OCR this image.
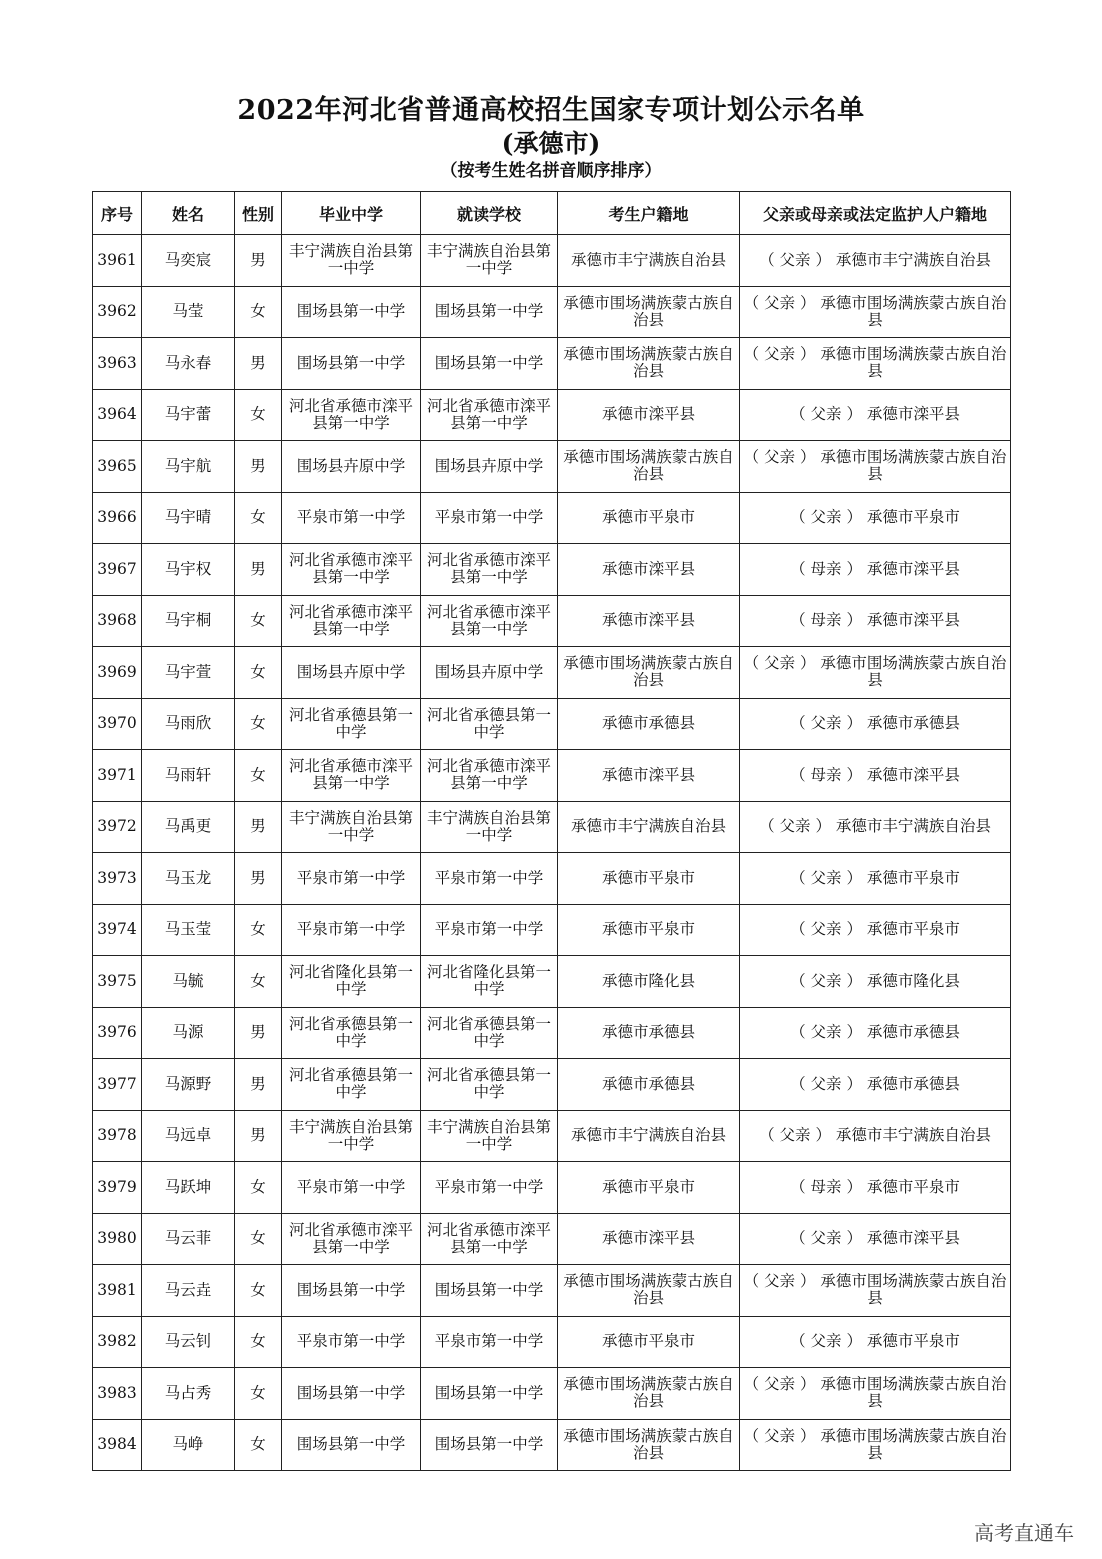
2022年河北省普通高校招生国家专项计划公示名单
(承德市)
（按考生姓名拼音顺序排序）
序号	姓名	性别	毕业中学	就读学校	考生户籍地	父亲或母亲或法定监护人户籍地
3961	马奕宸	男	丰宁满族自治县第一中学	丰宁满族自治县第一中学	承德市丰宁满族自治县	（ 父亲 ） 承德市丰宁满族自治县
3962	马莹	女	围场县第一中学	围场县第一中学	承德市围场满族蒙古族自治县	（ 父亲 ） 承德市围场满族蒙古族自治县
3963	马永春	男	围场县第一中学	围场县第一中学	承德市围场满族蒙古族自治县	（ 父亲 ） 承德市围场满族蒙古族自治县
3964	马宇蕾	女	河北省承德市滦平县第一中学	河北省承德市滦平县第一中学	承德市滦平县	（ 父亲 ） 承德市滦平县
3965	马宇航	男	围场县卉原中学	围场县卉原中学	承德市围场满族蒙古族自治县	（ 父亲 ） 承德市围场满族蒙古族自治县
3966	马宇晴	女	平泉市第一中学	平泉市第一中学	承德市平泉市	（ 父亲 ） 承德市平泉市
3967	马宇权	男	河北省承德市滦平县第一中学	河北省承德市滦平县第一中学	承德市滦平县	（ 母亲 ） 承德市滦平县
3968	马宇桐	女	河北省承德市滦平县第一中学	河北省承德市滦平县第一中学	承德市滦平县	（ 母亲 ） 承德市滦平县
3969	马宇萱	女	围场县卉原中学	围场县卉原中学	承德市围场满族蒙古族自治县	（ 父亲 ） 承德市围场满族蒙古族自治县
3970	马雨欣	女	河北省承德县第一中学	河北省承德县第一中学	承德市承德县	（ 父亲 ） 承德市承德县
3971	马雨轩	女	河北省承德市滦平县第一中学	河北省承德市滦平县第一中学	承德市滦平县	（ 母亲 ） 承德市滦平县
3972	马禹更	男	丰宁满族自治县第一中学	丰宁满族自治县第一中学	承德市丰宁满族自治县	（ 父亲 ） 承德市丰宁满族自治县
3973	马玉龙	男	平泉市第一中学	平泉市第一中学	承德市平泉市	（ 父亲 ） 承德市平泉市
3974	马玉莹	女	平泉市第一中学	平泉市第一中学	承德市平泉市	（ 父亲 ） 承德市平泉市
3975	马毓	女	河北省隆化县第一中学	河北省隆化县第一中学	承德市隆化县	（ 父亲 ） 承德市隆化县
3976	马源	男	河北省承德县第一中学	河北省承德县第一中学	承德市承德县	（ 父亲 ） 承德市承德县
3977	马源野	男	河北省承德县第一中学	河北省承德县第一中学	承德市承德县	（ 父亲 ） 承德市承德县
3978	马远卓	男	丰宁满族自治县第一中学	丰宁满族自治县第一中学	承德市丰宁满族自治县	（ 父亲 ） 承德市丰宁满族自治县
3979	马跃坤	女	平泉市第一中学	平泉市第一中学	承德市平泉市	（ 母亲 ） 承德市平泉市
3980	马云菲	女	河北省承德市滦平县第一中学	河北省承德市滦平县第一中学	承德市滦平县	（ 父亲 ） 承德市滦平县
3981	马云垚	女	围场县第一中学	围场县第一中学	承德市围场满族蒙古族自治县	（ 父亲 ） 承德市围场满族蒙古族自治县
3982	马云钊	女	平泉市第一中学	平泉市第一中学	承德市平泉市	（ 父亲 ） 承德市平泉市
3983	马占秀	女	围场县第一中学	围场县第一中学	承德市围场满族蒙古族自治县	（ 父亲 ） 承德市围场满族蒙古族自治县
3984	马峥	女	围场县第一中学	围场县第一中学	承德市围场满族蒙古族自治县	（ 父亲 ） 承德市围场满族蒙古族自治县
高考直通车
